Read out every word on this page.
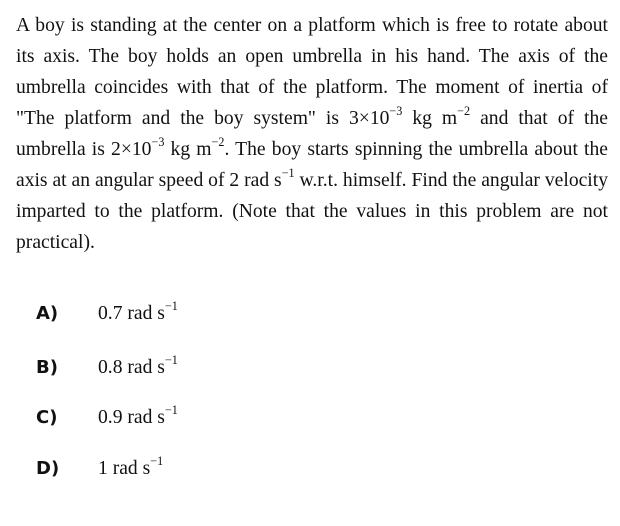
A boy is standing at the center on a platform which is free to rotate about its axis. The boy holds an open umbrella in his hand. The axis of the umbrella coincides with that of the platform. The moment of inertia of "The platform and the boy system" is $3\times 10^{-3}$ kg $m^{-2}$ and that of the umbrella is $2\times 10^{-3}$ kg $m^{-2}$. The boy starts spinning the umbrella about the axis at an angular speed of 2 rad $s^{-1}$ w.r.t. himself. Find the angular velocity imparted to the platform. (Note that the values in this problem are not practical).

A)	0.7 rad $s^{-1}$
B)	0.8 rad $s^{-1}$
C)	0.9 rad $s^{-1}$
D)	1 rad $s^{-1}$
